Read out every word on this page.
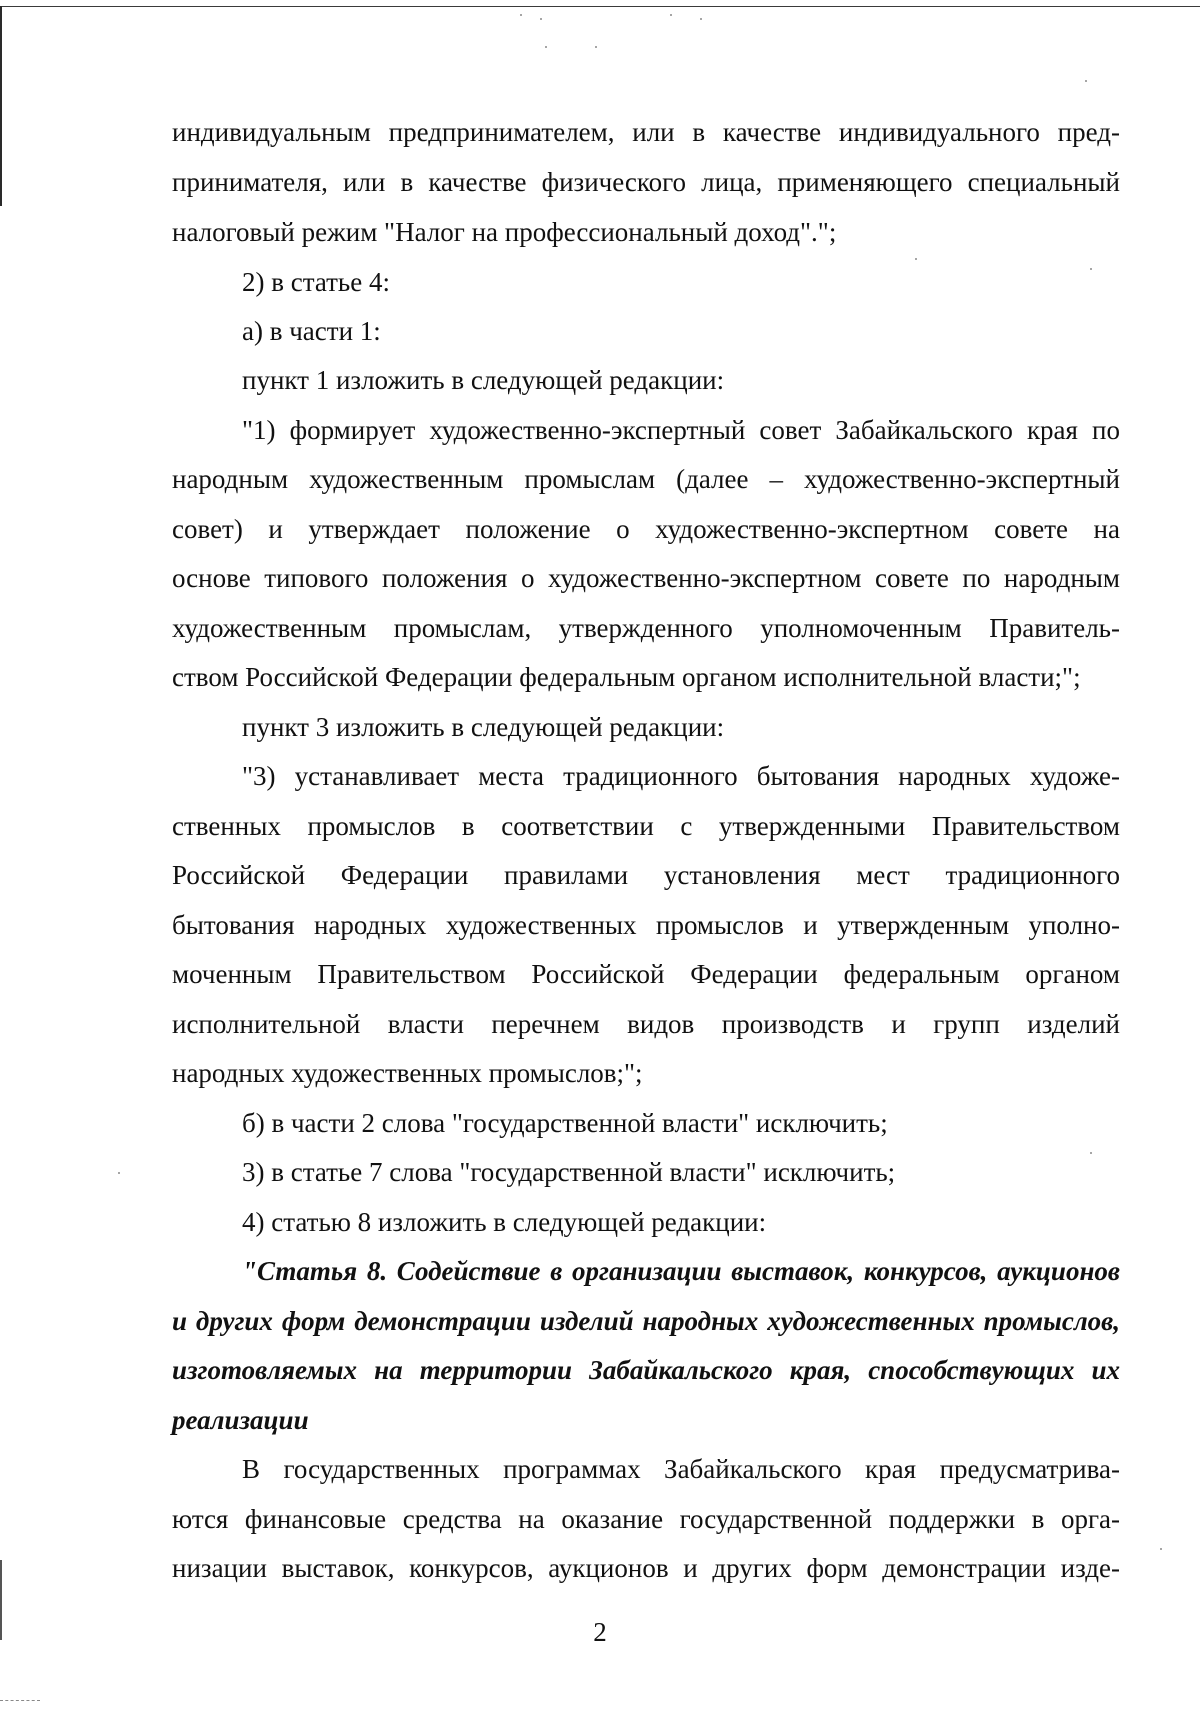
индивидуальным предпринимателем, или в качестве индивидуального пред-
принимателя, или в качестве физического лица, применяющего специальный
налоговый режим "Налог на профессиональный доход".";
2) в статье 4:
а) в части 1:
пункт 1 изложить в следующей редакции:
"1) формирует художественно-экспертный совет Забайкальского края по
народным художественным промыслам (далее – художественно-экспертный
совет) и утверждает положение о художественно-экспертном совете на
основе типового положения о художественно-экспертном совете по народным
художественным промыслам, утвержденного уполномоченным Правитель-
ством Российской Федерации федеральным органом исполнительной власти;";
пункт 3 изложить в следующей редакции:
"3) устанавливает места традиционного бытования народных художе-
ственных промыслов в соответствии с утвержденными Правительством
Российской Федерации правилами установления мест традиционного
бытования народных художественных промыслов и утвержденным уполно-
моченным Правительством Российской Федерации федеральным органом
исполнительной власти перечнем видов производств и групп изделий
народных художественных промыслов;";
б) в части 2 слова "государственной власти" исключить;
3) в статье 7 слова "государственной власти" исключить;
4) статью 8 изложить в следующей редакции:
"Статья 8. Содействие в организации выставок, конкурсов, аукционов
и других форм демонстрации изделий народных художественных промыслов,
изготовляемых на территории Забайкальского края, способствующих их
реализации
В государственных программах Забайкальского края предусматрива-
ются финансовые средства на оказание государственной поддержки в орга-
низации выставок, конкурсов, аукционов и других форм демонстрации изде-
2
